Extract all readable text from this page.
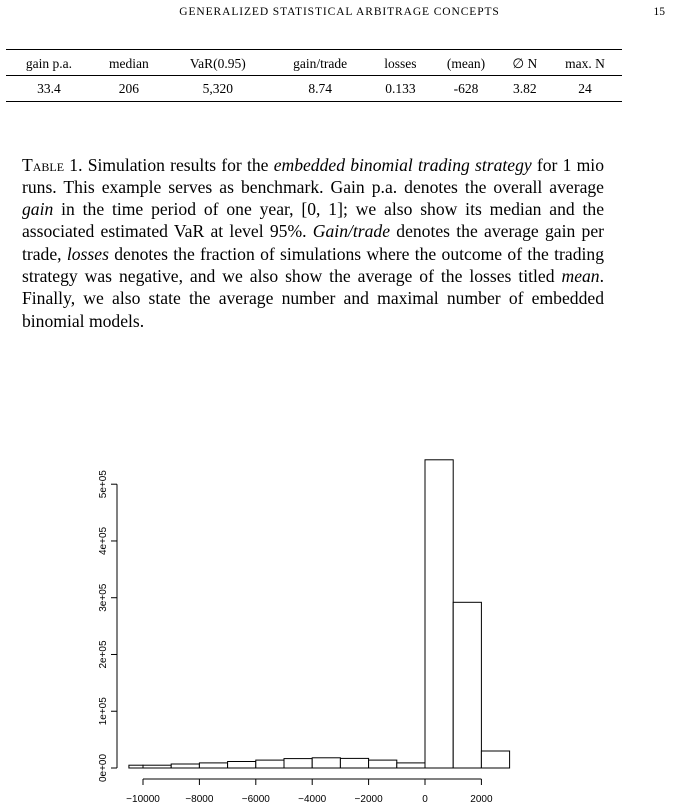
GENERALIZED STATISTICAL ARBITRAGE CONCEPTS	15
gain p.a.	median	VaR(0.95)	gain/trade	losses	(mean)	∅ N	max. N
33.4	206	5,320	8.74	0.133	-628	3.82	24

Table 1. Simulation results for the embedded binomial trading strategy for 1 mio runs. This example serves as benchmark. Gain p.a. denotes the overall average gain in the time period of one year, [0, 1]; we also show its median and the associated estimated VaR at level 95%. Gain/trade denotes the average gain per trade, losses denotes the fraction of simulations where the outcome of the trading strategy was negative, and we also show the average of the losses titled mean. Finally, we also state the average number and maximal number of embedded binomial models.

−10000	−8000	−6000	−4000	−2000	0	2000
0e+00
1e+05
2e+05
3e+05
4e+05
5e+05
